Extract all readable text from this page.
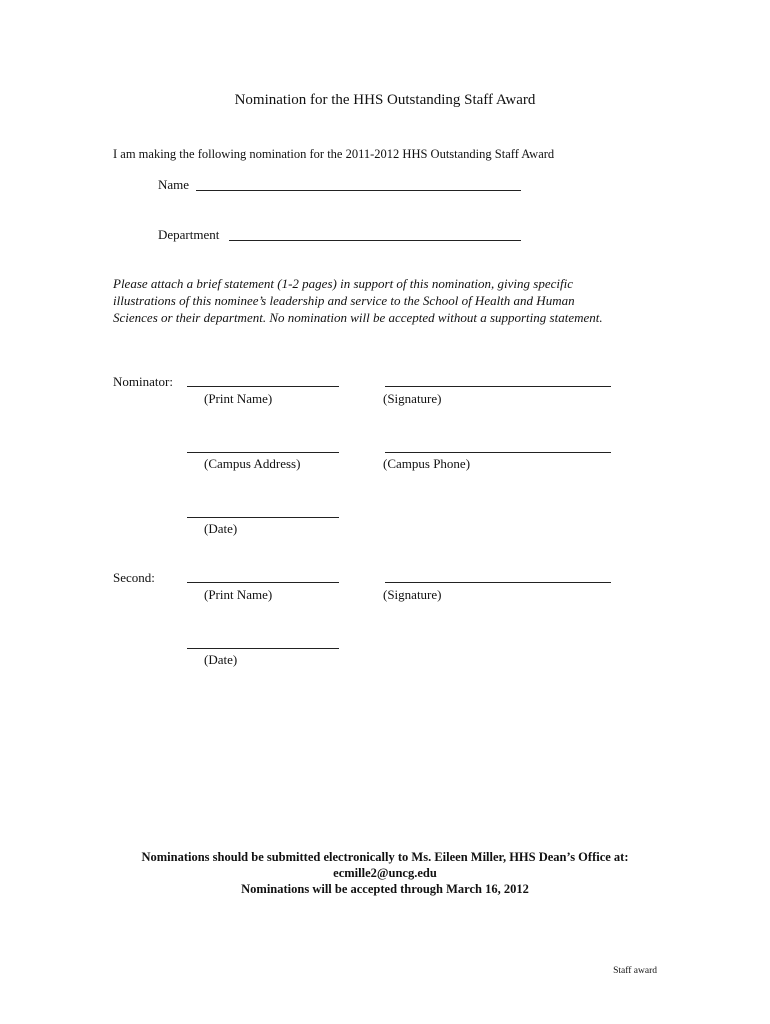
Nomination for the HHS Outstanding Staff Award
I am making the following nomination for the 2011-2012 HHS Outstanding Staff Award
Name
Department
Please attach a brief statement (1-2 pages) in support of this nomination, giving specific
illustrations of this nominee’s leadership and service to the School of Health and Human
Sciences or their department. No nomination will be accepted without a supporting statement.
Nominator:
(Print Name)	(Signature)
(Campus Address)	(Campus Phone)
(Date)
Second:
(Print Name)	(Signature)
(Date)
Nominations should be submitted electronically to Ms. Eileen Miller, HHS Dean’s Office at:
ecmille2@uncg.edu
Nominations will be accepted through March 16, 2012
Staff award
